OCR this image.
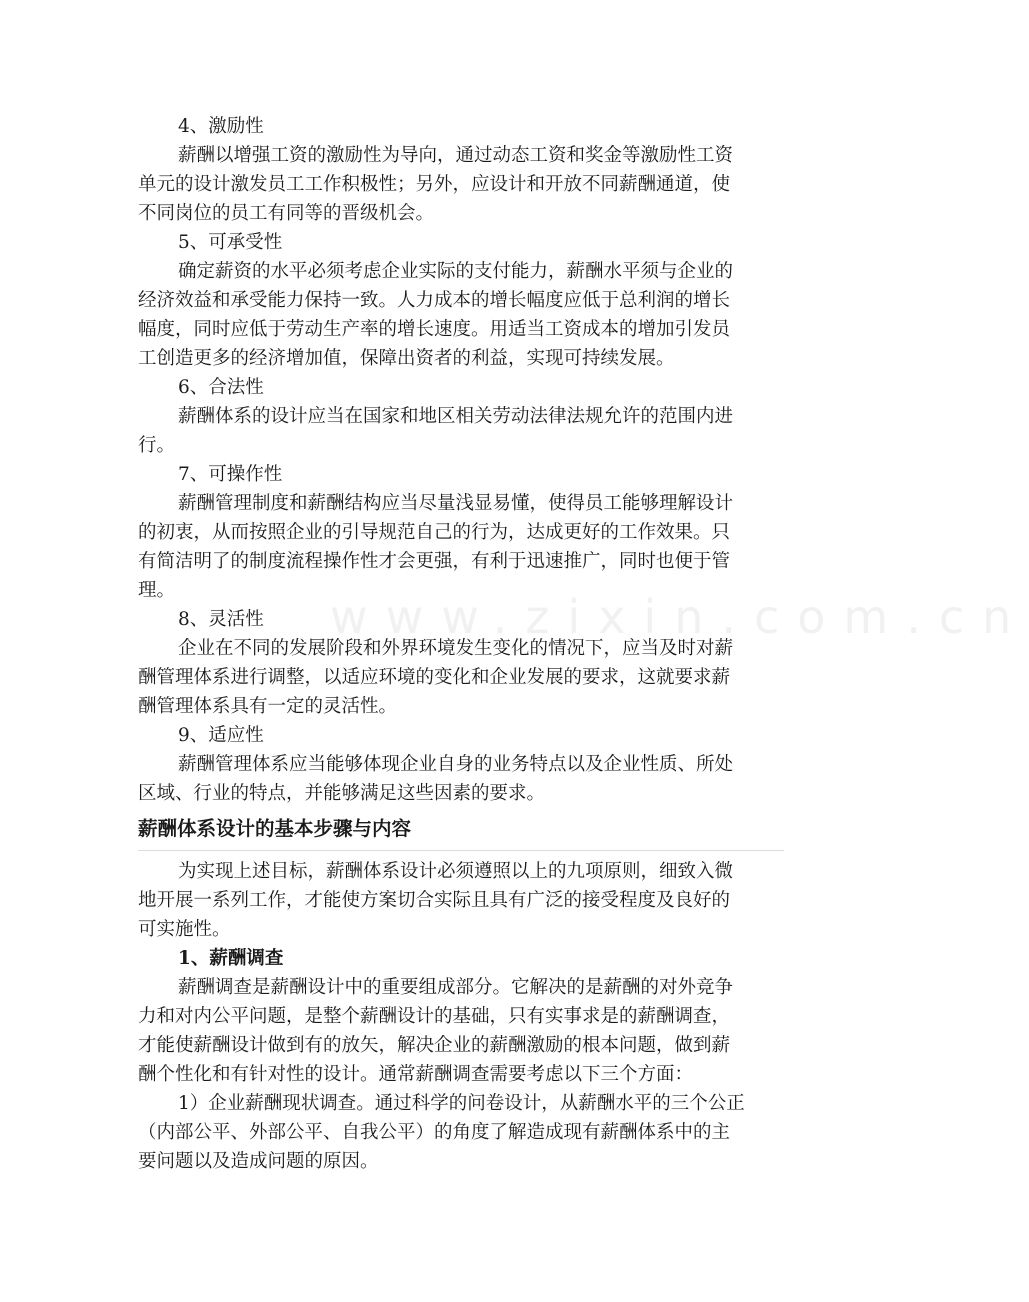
www.zixin.com.cn

4、激励性

薪酬以增强工资的激励性为导向，通过动态工资和奖金等激励性工资

单元的设计激发员工工作积极性；另外，应设计和开放不同薪酬通道，使

不同岗位的员工有同等的晋级机会。

5、可承受性

确定薪资的水平必须考虑企业实际的支付能力，薪酬水平须与企业的

经济效益和承受能力保持一致。人力成本的增长幅度应低于总利润的增长

幅度，同时应低于劳动生产率的增长速度。用适当工资成本的增加引发员

工创造更多的经济增加值，保障出资者的利益，实现可持续发展。

6、合法性

薪酬体系的设计应当在国家和地区相关劳动法律法规允许的范围内进

行。

7、可操作性

薪酬管理制度和薪酬结构应当尽量浅显易懂，使得员工能够理解设计

的初衷，从而按照企业的引导规范自己的行为，达成更好的工作效果。只

有简洁明了的制度流程操作性才会更强，有利于迅速推广，同时也便于管

理。

8、灵活性

企业在不同的发展阶段和外界环境发生变化的情况下，应当及时对薪

酬管理体系进行调整，以适应环境的变化和企业发展的要求，这就要求薪

酬管理体系具有一定的灵活性。

9、适应性

薪酬管理体系应当能够体现企业自身的业务特点以及企业性质、所处

区域、行业的特点，并能够满足这些因素的要求。

薪酬体系设计的基本步骤与内容

为实现上述目标，薪酬体系设计必须遵照以上的九项原则，细致入微

地开展一系列工作，才能使方案切合实际且具有广泛的接受程度及良好的

可实施性。

1、薪酬调查

薪酬调查是薪酬设计中的重要组成部分。它解决的是薪酬的对外竞争

力和对内公平问题，是整个薪酬设计的基础，只有实事求是的薪酬调查，

才能使薪酬设计做到有的放矢，解决企业的薪酬激励的根本问题，做到薪

酬个性化和有针对性的设计。通常薪酬调查需要考虑以下三个方面：

1）企业薪酬现状调查。通过科学的问卷设计，从薪酬水平的三个公正

（内部公平、外部公平、自我公平）的角度了解造成现有薪酬体系中的主

要问题以及造成问题的原因。
